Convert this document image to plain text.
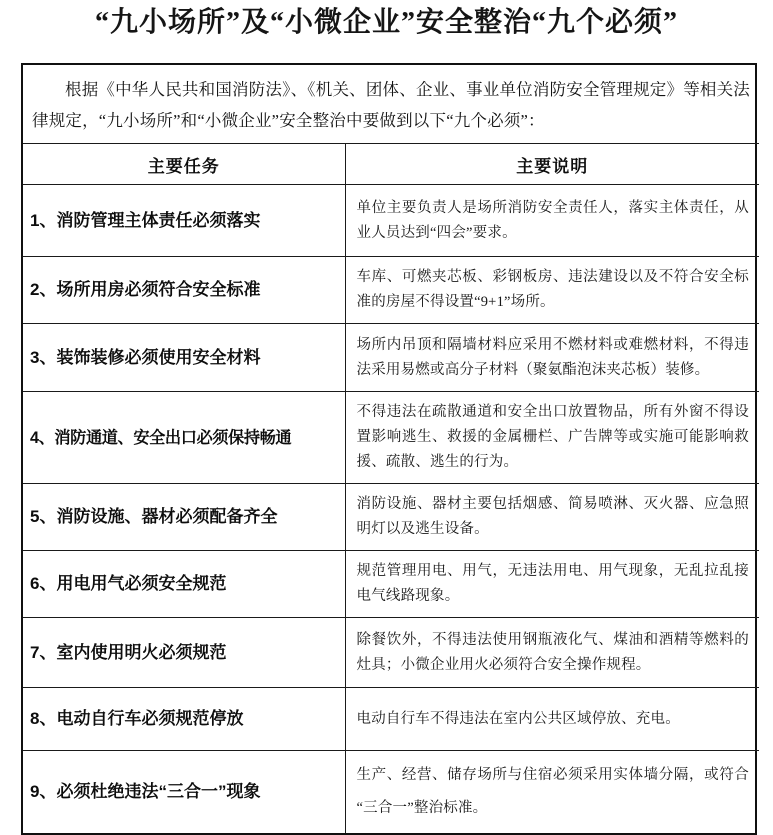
“九小场所”及“小微企业”安全整治“九个必须”
根据《中华人民共和国消防法》、《机关、团体、企业、事业单位消防安全管理规定》等相关法律规定，“九小场所”和“小微企业”安全整治中要做到以下“九个必须”：	

主要任务	主要说明
1、消防管理主体责任必须落实	单位主要负责人是场所消防安全责任人，落实主体责任，从业人员达到“四会”要求。
2、场所用房必须符合安全标准	车库、可燃夹芯板、彩钢板房、违法建设以及不符合安全标准的房屋不得设置“9+1”场所。
3、装饰装修必须使用安全材料	场所内吊顶和隔墙材料应采用不燃材料或难燃材料，不得违法采用易燃或高分子材料（聚氨酯泡沫夹芯板）装修。
4、消防通道、安全出口必须保持畅通	不得违法在疏散通道和安全出口放置物品，所有外窗不得设置影响逃生、救援的金属栅栏、广告牌等或实施可能影响救援、疏散、逃生的行为。
5、消防设施、器材必须配备齐全	消防设施、器材主要包括烟感、简易喷淋、灭火器、应急照明灯以及逃生设备。
6、用电用气必须安全规范	规范管理用电、用气，无违法用电、用气现象，无乱拉乱接电气线路现象。
7、室内使用明火必须规范	除餐饮外，不得违法使用钢瓶液化气、煤油和酒精等燃料的灶具；小微企业用火必须符合安全操作规程。
8、电动自行车必须规范停放	电动自行车不得违法在室内公共区域停放、充电。
9、必须杜绝违法“三合一”现象	生产、经营、储存场所与住宿必须采用实体墙分隔，或符合“三合一”整治标准。
